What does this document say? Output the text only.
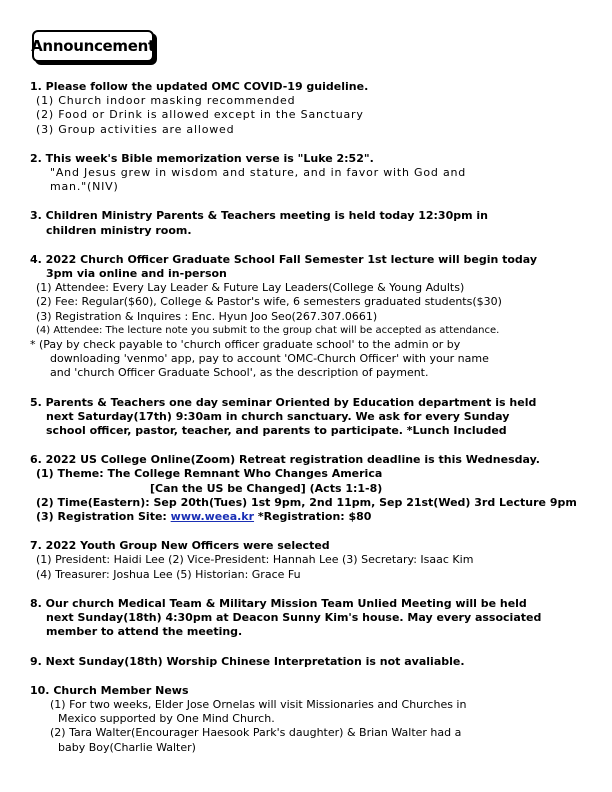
Announcement
1. Please follow the updated OMC COVID-19 guideline.
(1) Church indoor masking recommended
(2) Food or Drink is allowed except in the Sanctuary
(3) Group activities are allowed
2. This week's Bible memorization verse is "Luke 2:52".
"And Jesus grew in wisdom and stature, and in favor with God and
man."(NIV)
3. Children Ministry Parents & Teachers meeting is held today 12:30pm in
children ministry room.
4. 2022 Church Officer Graduate School Fall Semester 1st lecture will begin today
3pm via online and in-person
(1) Attendee: Every Lay Leader & Future Lay Leaders(College & Young Adults)
(2) Fee: Regular($60), College & Pastor's wife, 6 semesters graduated students($30)
(3) Registration & Inquires : Enc. Hyun Joo Seo(267.307.0661)
(4) Attendee: The lecture note you submit to the group chat will be accepted as attendance.
* (Pay by check payable to 'church officer graduate school' to the admin or by
downloading 'venmo' app, pay to account 'OMC-Church Officer' with your name
and 'church Officer Graduate School', as the description of payment.
5. Parents & Teachers one day seminar Oriented by Education department is held
next Saturday(17th) 9:30am in church sanctuary. We ask for every Sunday
school officer, pastor, teacher, and parents to participate. *Lunch Included
6. 2022 US College Online(Zoom) Retreat registration deadline is this Wednesday.
(1) Theme: The College Remnant Who Changes America
[Can the US be Changed] (Acts 1:1-8)
(2) Time(Eastern): Sep 20th(Tues) 1st 9pm, 2nd 11pm, Sep 21st(Wed) 3rd Lecture 9pm
(3) Registration Site: www.weea.kr *Registration: $80
7. 2022 Youth Group New Officers were selected
(1) President: Haidi Lee (2) Vice-President: Hannah Lee (3) Secretary: Isaac Kim
(4) Treasurer: Joshua Lee (5) Historian: Grace Fu
8. Our church Medical Team & Military Mission Team Unlied Meeting will be held
next Sunday(18th) 4:30pm at Deacon Sunny Kim's house. May every associated
member to attend the meeting.
9. Next Sunday(18th) Worship Chinese Interpretation is not avaliable.
10. Church Member News
(1) For two weeks, Elder Jose Ornelas will visit Missionaries and Churches in
Mexico supported by One Mind Church.
(2) Tara Walter(Encourager Haesook Park's daughter) & Brian Walter had a
baby Boy(Charlie Walter)
